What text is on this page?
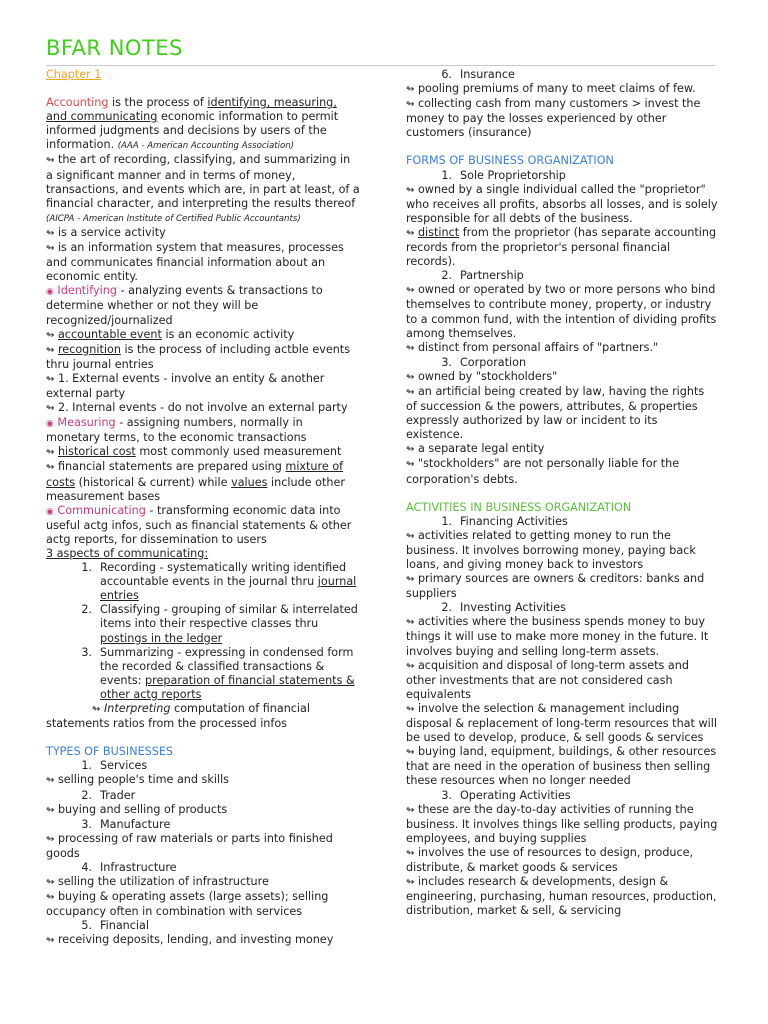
BFAR NOTES

Chapter 1

Accounting is the process of identifying, measuring, and communicating economic information to permit informed judgments and decisions by users of the information. (AAA - American Accounting Association)

↬ the art of recording, classifying, and summarizing in a significant manner and in terms of money, transactions, and events which are, in part at least, of a financial character, and interpreting the results thereof (AICPA - American Institute of Certified Public Accountants)

↬ is a service activity

↬ is an information system that measures, processes and communicates financial information about an economic entity.

◉ Identifying - analyzing events & transactions to determine whether or not they will be recognized/journalized

↬ accountable event is an economic activity

↬ recognition is the process of including actble events thru journal entries

↬ 1. External events - involve an entity & another external party

↬ 2. Internal events - do not involve an external party

◉ Measuring - assigning numbers, normally in monetary terms, to the economic transactions

↬ historical cost most commonly used measurement

↬ financial statements are prepared using mixture of costs (historical & current) while values include other measurement bases

◉ Communicating - transforming economic data into useful actg infos, such as financial statements & other actg reports, for dissemination to users

3 aspects of communicating:

1. Recording - systematically writing identified accountable events in the journal thru journal entries
2. Classifying - grouping of similar & interrelated items into their respective classes thru postings in the ledger
3. Summarizing - expressing in condensed form the recorded & classified transactions & events: preparation of financial statements & other actg reports

↬ Interpreting computation of financial statements ratios from the processed infos

TYPES OF BUSINESSES

1. Services

↬ selling people's time and skills

2. Trader

↬ buying and selling of products

3. Manufacture

↬ processing of raw materials or parts into finished goods

4. Infrastructure

↬ selling the utilization of infrastructure

↬ buying & operating assets (large assets); selling occupancy often in combination with services

5. Financial

↬ receiving deposits, lending, and investing money

6. Insurance

↬ pooling premiums of many to meet claims of few.

↬ collecting cash from many customers > invest the money to pay the losses experienced by other customers (insurance)

FORMS OF BUSINESS ORGANIZATION

1. Sole Proprietorship

↬ owned by a single individual called the "proprietor" who receives all profits, absorbs all losses, and is solely responsible for all debts of the business.

↬ distinct from the proprietor (has separate accounting records from the proprietor's personal financial records).

2. Partnership

↬ owned or operated by two or more persons who bind themselves to contribute money, property, or industry to a common fund, with the intention of dividing profits among themselves.

↬ distinct from personal affairs of "partners."

3. Corporation

↬ owned by "stockholders"

↬ an artificial being created by law, having the rights of succession & the powers, attributes, & properties expressly authorized by law or incident to its existence.

↬ a separate legal entity

↬ "stockholders" are not personally liable for the corporation's debts.

ACTIVITIES IN BUSINESS ORGANIZATION

1. Financing Activities

↬ activities related to getting money to run the business. It involves borrowing money, paying back loans, and giving money back to investors

↬ primary sources are owners & creditors: banks and suppliers

2. Investing Activities

↬ activities where the business spends money to buy things it will use to make more money in the future. It involves buying and selling long-term assets.

↬ acquisition and disposal of long-term assets and other investments that are not considered cash equivalents

↬ involve the selection & management including disposal & replacement of long-term resources that will be used to develop, produce, & sell goods & services

↬ buying land, equipment, buildings, & other resources that are need in the operation of business then selling these resources when no longer needed

3. Operating Activities

↬ these are the day-to-day activities of running the business. It involves things like selling products, paying employees, and buying supplies

↬ involves the use of resources to design, produce, distribute, & market goods & services

↬ includes research & developments, design & engineering, purchasing, human resources, production, distribution, market & sell, & servicing
